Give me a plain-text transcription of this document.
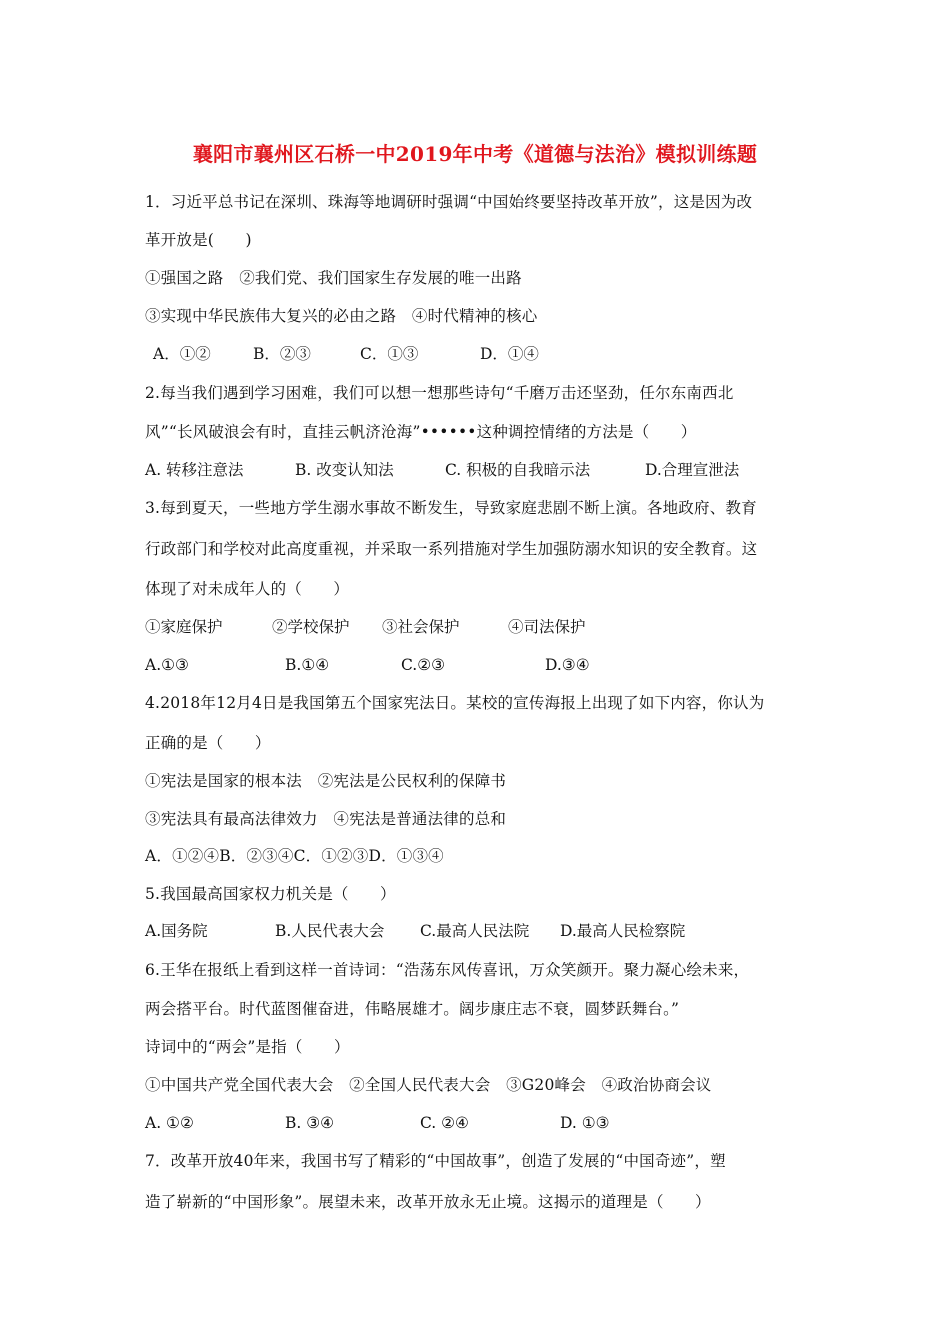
襄阳市襄州区石桥一中2019年中考《道德与法治》模拟训练题
1．习近平总书记在深圳、珠海等地调研时强调“中国始终要坚持改革开放”，这是因为改
革开放是(　　)
①强国之路　②我们党、我们国家生存发展的唯一出路
③实现中华民族伟大复兴的必由之路　④时代精神的核心
A．①②	B．②③	C．①③	D．①④
2.每当我们遇到学习困难，我们可以想一想那些诗句“千磨万击还坚劲，任尔东南西北
风”“长风破浪会有时，直挂云帆济沧海”••••••这种调控情绪的方法是（　　）
A. 转移注意法	B. 改变认知法	C. 积极的自我暗示法	D.合理宣泄法
3.每到夏天，一些地方学生溺水事故不断发生，导致家庭悲剧不断上演。各地政府、教育
行政部门和学校对此高度重视，并采取一系列措施对学生加强防溺水知识的安全教育。这
体现了对未成年人的（　　）
①家庭保护	②学校保护 ③社会保护	④司法保护
A.①③	B.①④	C.②③	D.③④
4.2018年12月4日是我国第五个国家宪法日。某校的宣传海报上出现了如下内容，你认为
正确的是（　　）
①宪法是国家的根本法　②宪法是公民权利的保障书
③宪法具有最高法律效力　④宪法是普通法律的总和
A．①②④B．②③④C．①②③D．①③④
5.我国最高国家权力机关是（　　）
A.国务院	B.人民代表大会 C.最高人民法院 D.最高人民检察院
6.王华在报纸上看到这样一首诗词：“浩荡东风传喜讯，万众笑颜开。聚力凝心绘未来，
两会搭平台。时代蓝图催奋进，伟略展雄才。阔步康庄志不衰，圆梦跃舞台。”
诗词中的“两会”是指（　　）
①中国共产党全国代表大会　②全国人民代表大会　③G20峰会　④政治协商会议
A. ①②	B. ③④	C. ②④	D. ①③
7．改革开放40年来，我国书写了精彩的“中国故事”，创造了发展的“中国奇迹”，塑
造了崭新的“中国形象”。展望未来，改革开放永无止境。这揭示的道理是（　　）
